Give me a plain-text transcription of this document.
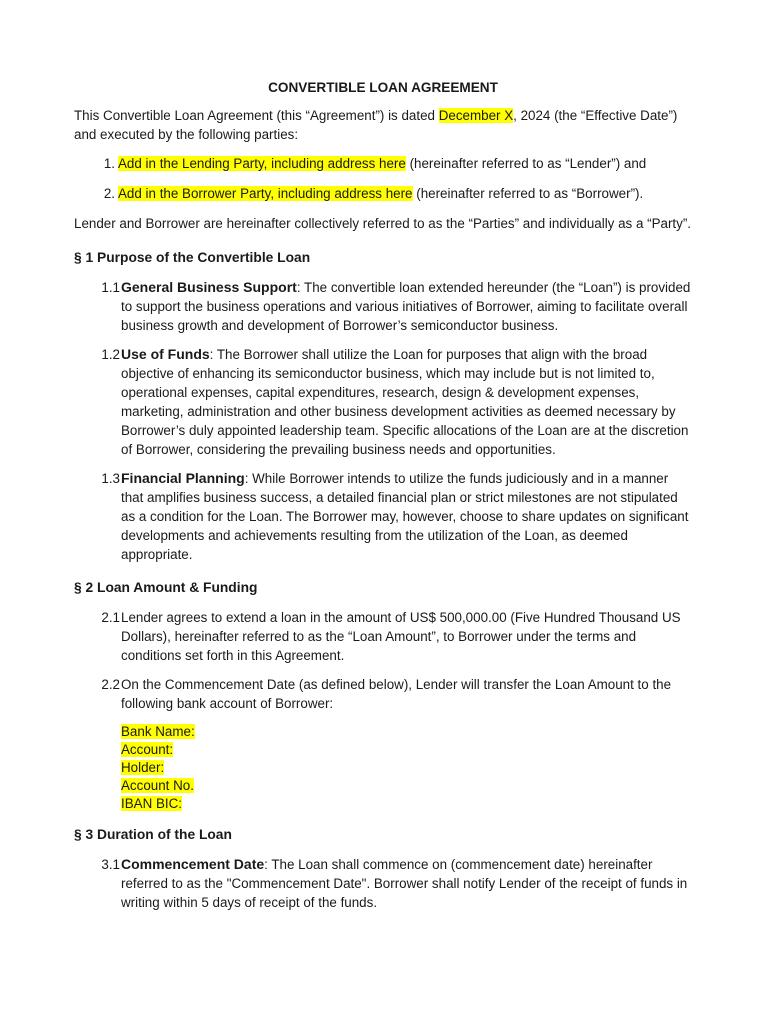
CONVERTIBLE LOAN AGREEMENT

This Convertible Loan Agreement (this “Agreement”) is dated December X, 2024 (the “Effective Date”) and executed by the following parties:

1. Add in the Lending Party, including address here (hereinafter referred to as “Lender”) and
2. Add in the Borrower Party, including address here (hereinafter referred to as “Borrower”).

Lender and Borrower are hereinafter collectively referred to as the “Parties” and individually as a “Party”.

§ 1 Purpose of the Convertible Loan
1.1 General Business Support: The convertible loan extended hereunder (the “Loan”) is provided to support the business operations and various initiatives of Borrower, aiming to facilitate overall business growth and development of Borrower’s semiconductor business.
1.2 Use of Funds: The Borrower shall utilize the Loan for purposes that align with the broad objective of enhancing its semiconductor business, which may include but is not limited to, operational expenses, capital expenditures, research, design & development expenses, marketing, administration and other business development activities as deemed necessary by Borrower’s duly appointed leadership team. Specific allocations of the Loan are at the discretion of Borrower, considering the prevailing business needs and opportunities.
1.3 Financial Planning: While Borrower intends to utilize the funds judiciously and in a manner that amplifies business success, a detailed financial plan or strict milestones are not stipulated as a condition for the Loan. The Borrower may, however, choose to share updates on significant developments and achievements resulting from the utilization of the Loan, as deemed appropriate.
§ 2 Loan Amount & Funding
2.1 Lender agrees to extend a loan in the amount of US$ 500,000.00 (Five Hundred Thousand US Dollars), hereinafter referred to as the “Loan Amount”, to Borrower under the terms and conditions set forth in this Agreement.
2.2 On the Commencement Date (as defined below), Lender will transfer the Loan Amount to the following bank account of Borrower:
Bank Name:
Account:
Holder:
Account No.
IBAN BIC:
§ 3 Duration of the Loan
3.1 Commencement Date: The Loan shall commence on (commencement date) hereinafter referred to as the "Commencement Date". Borrower shall notify Lender of the receipt of funds in writing within 5 days of receipt of the funds.
